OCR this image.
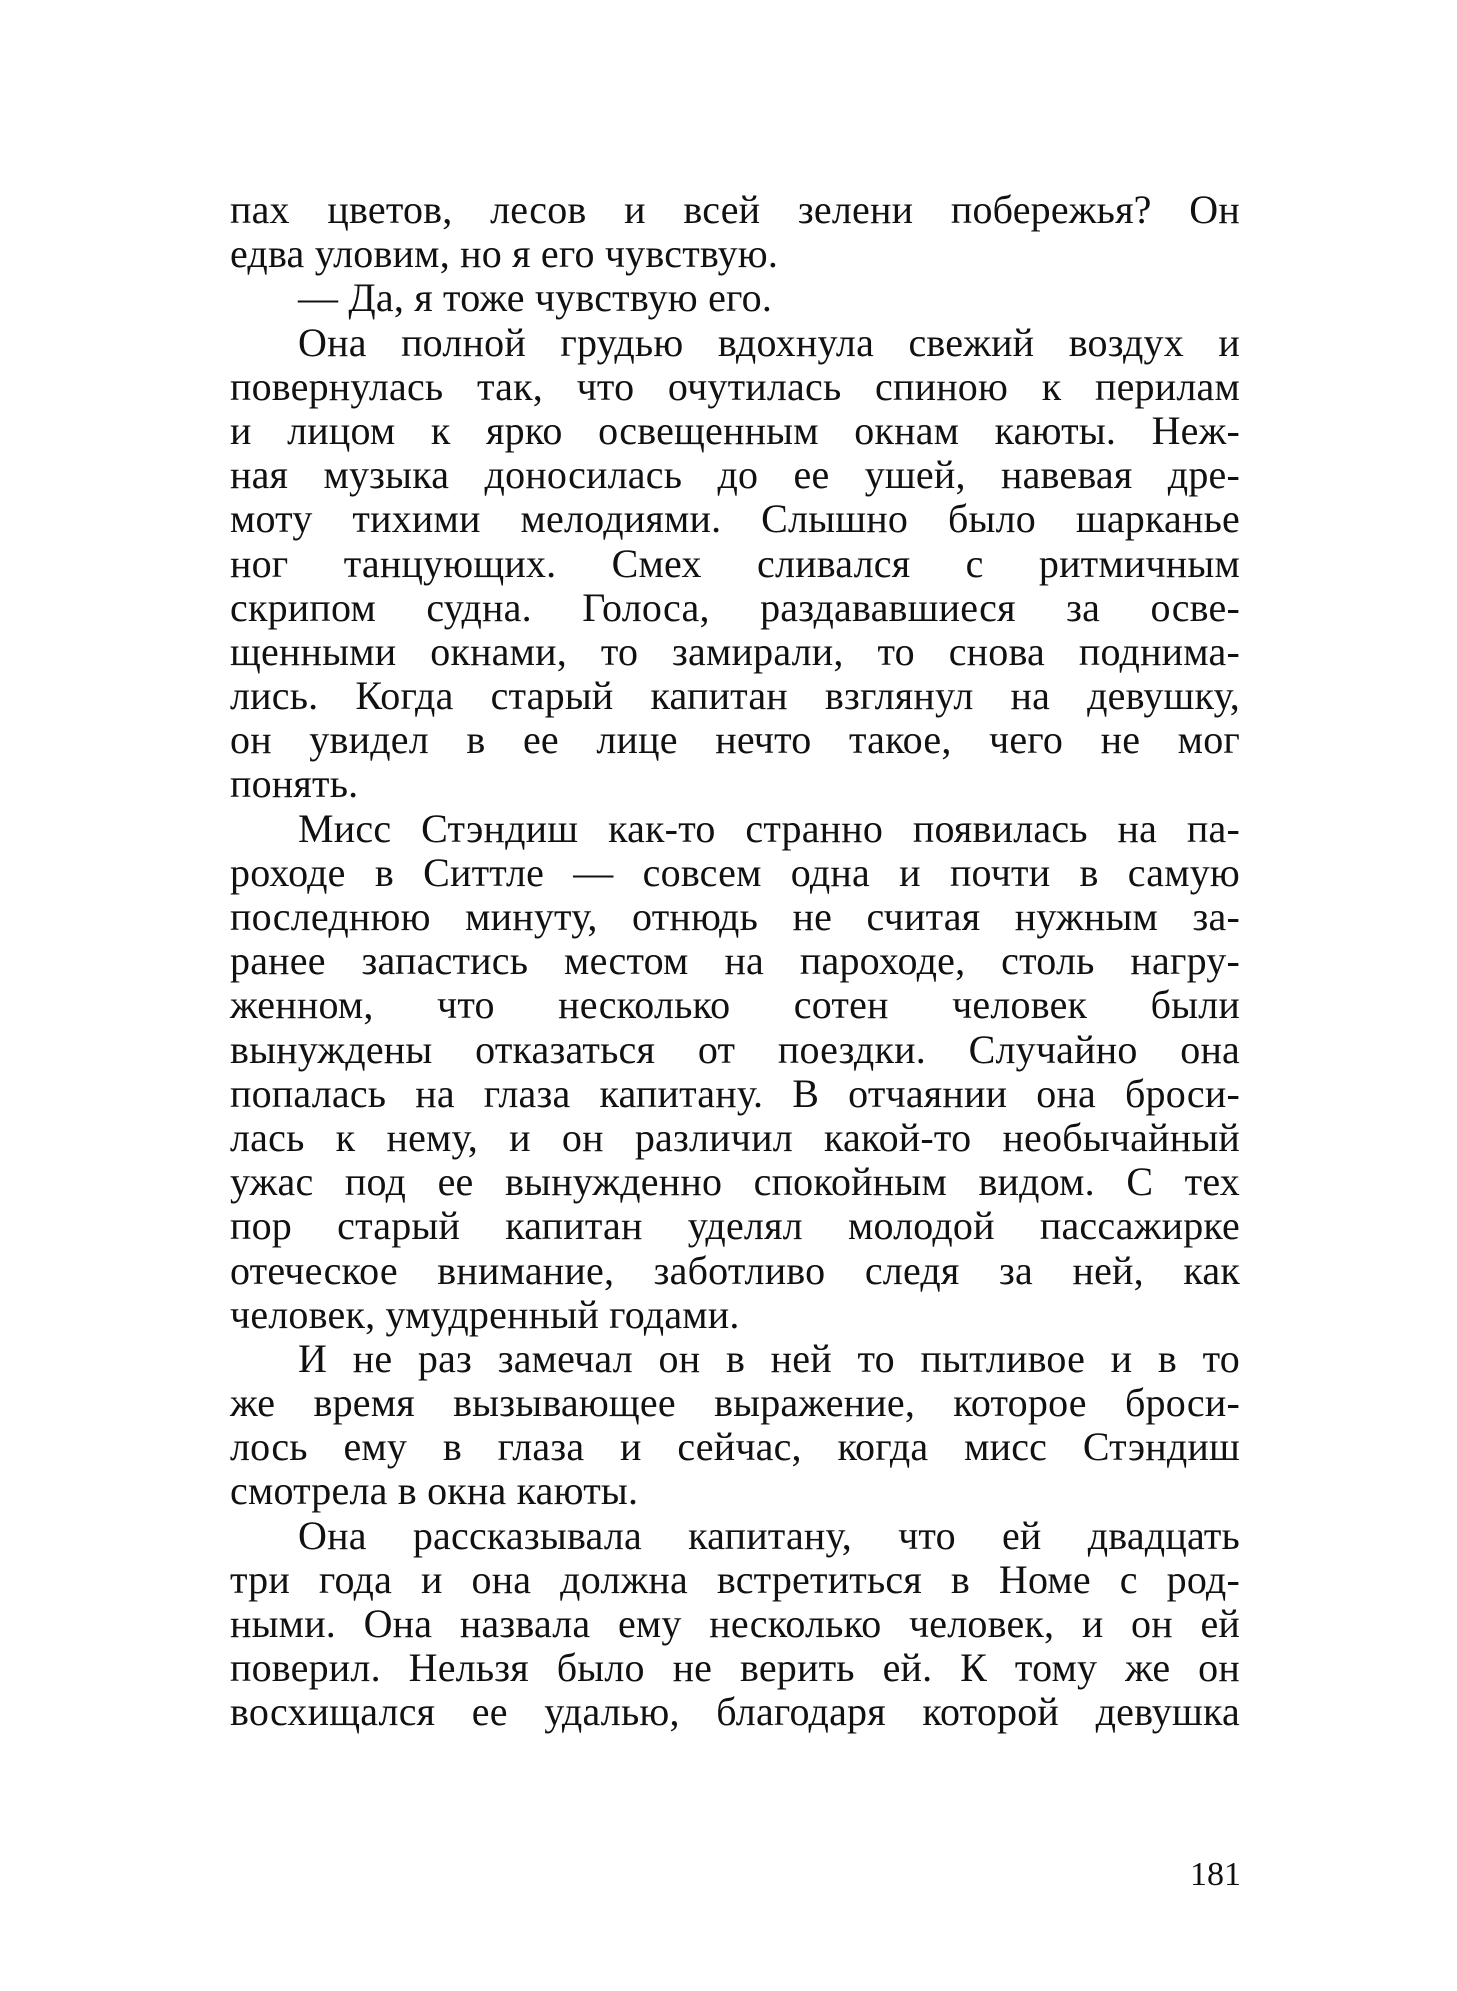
пах цветов, лесов и всей зелени побережья? Он
едва уловим, но я его чувствую.
— Да, я тоже чувствую его.
Она полной грудью вдохнула свежий воздух и
повернулась так, что очутилась спиною к перилам
и лицом к ярко освещенным окнам каюты. Неж-
ная музыка доносилась до ее ушей, навевая дре-
моту тихими мелодиями. Слышно было шарканье
ног танцующих. Смех сливался с ритмичным
скрипом судна. Голоса, раздававшиеся за осве-
щенными окнами, то замирали, то снова поднима-
лись. Когда старый капитан взглянул на девушку,
он увидел в ее лице нечто такое, чего не мог
понять.
Мисс Стэндиш как-то странно появилась на па-
роходе в Ситтле — совсем одна и почти в самую
последнюю минуту, отнюдь не считая нужным за-
ранее запастись местом на пароходе, столь нагру-
женном, что несколько сотен человек были
вынуждены отказаться от поездки. Случайно она
попалась на глаза капитану. В отчаянии она броси-
лась к нему, и он различил какой-то необычайный
ужас под ее вынужденно спокойным видом. С тех
пор старый капитан уделял молодой пассажирке
отеческое внимание, заботливо следя за ней, как
человек, умудренный годами.
И не раз замечал он в ней то пытливое и в то
же время вызывающее выражение, которое броси-
лось ему в глаза и сейчас, когда мисс Стэндиш
смотрела в окна каюты.
Она рассказывала капитану, что ей двадцать
три года и она должна встретиться в Номе с род-
ными. Она назвала ему несколько человек, и он ей
поверил. Нельзя было не верить ей. К тому же он
восхищался ее удалью, благодаря которой девушка
181
